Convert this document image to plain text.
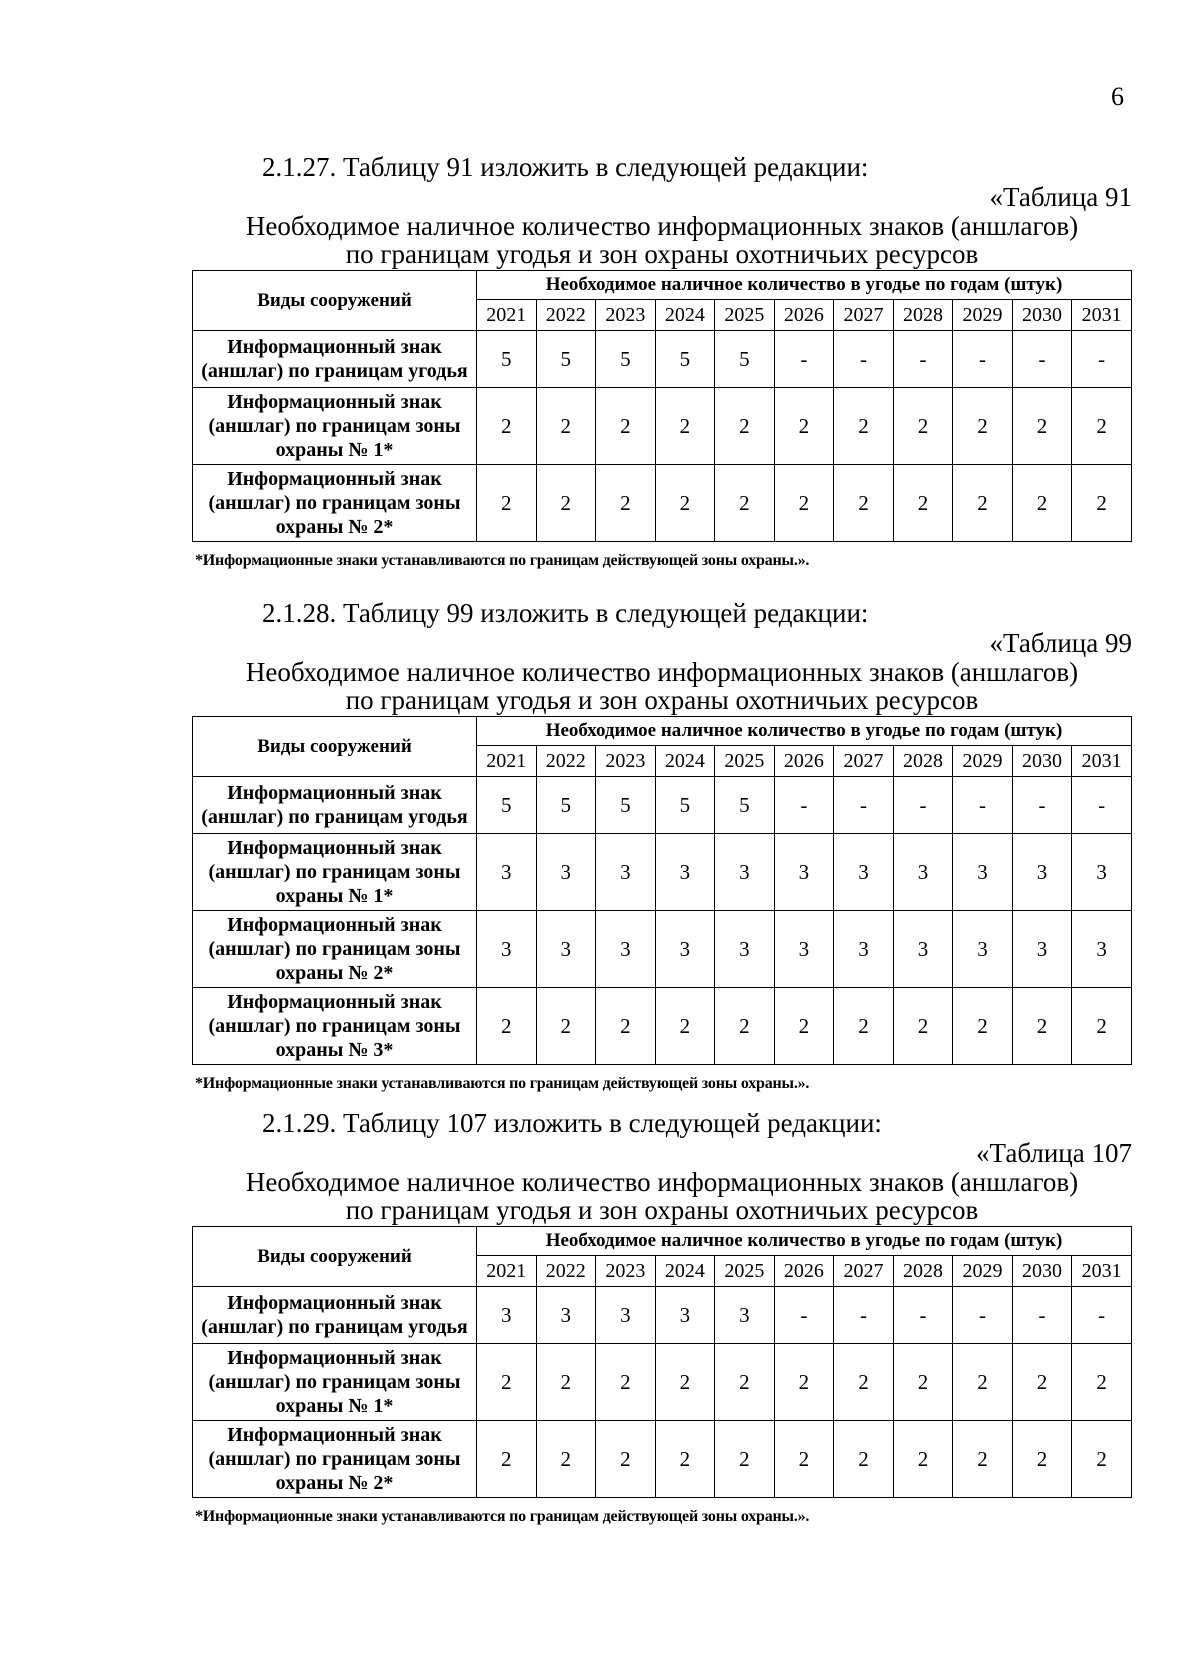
6
2.1.27. Таблицу 91 изложить в следующей редакции:
«Таблица 91
Необходимое наличное количество информационных знаков (аншлагов)
по границам угодья и зон охраны охотничьих ресурсов
Виды сооружений	Необходимое наличное количество в угодье по годам (штук)										
	2021	2022	2023	2024	2025	2026	2027	2028	2029	2030	2031

Информационный знак
(аншлаг) по границам угодья	5	5	5	5	5	-	-	-	-	-	-

Информационный знак
(аншлаг) по границам зоны
охраны № 1*	2	2	2	2	2	2	2	2	2	2	2

Информационный знак
(аншлаг) по границам зоны
охраны № 2*	2	2	2	2	2	2	2	2	2	2	2
*Информационные знаки устанавливаются по границам действующей зоны охраны.».
2.1.28. Таблицу 99 изложить в следующей редакции:
«Таблица 99
Необходимое наличное количество информационных знаков (аншлагов)
по границам угодья и зон охраны охотничьих ресурсов
Виды сооружений	Необходимое наличное количество в угодье по годам (штук)										
	2021	2022	2023	2024	2025	2026	2027	2028	2029	2030	2031

Информационный знак
(аншлаг) по границам угодья	5	5	5	5	5	-	-	-	-	-	-

Информационный знак
(аншлаг) по границам зоны
охраны № 1*	3	3	3	3	3	3	3	3	3	3	3

Информационный знак
(аншлаг) по границам зоны
охраны № 2*	3	3	3	3	3	3	3	3	3	3	3

Информационный знак
(аншлаг) по границам зоны
охраны № 3*	2	2	2	2	2	2	2	2	2	2	2
*Информационные знаки устанавливаются по границам действующей зоны охраны.».
2.1.29. Таблицу 107 изложить в следующей редакции:
«Таблица 107
Необходимое наличное количество информационных знаков (аншлагов)
по границам угодья и зон охраны охотничьих ресурсов
Виды сооружений	Необходимое наличное количество в угодье по годам (штук)										
	2021	2022	2023	2024	2025	2026	2027	2028	2029	2030	2031

Информационный знак
(аншлаг) по границам угодья	3	3	3	3	3	-	-	-	-	-	-

Информационный знак
(аншлаг) по границам зоны
охраны № 1*	2	2	2	2	2	2	2	2	2	2	2

Информационный знак
(аншлаг) по границам зоны
охраны № 2*	2	2	2	2	2	2	2	2	2	2	2
*Информационные знаки устанавливаются по границам действующей зоны охраны.».
